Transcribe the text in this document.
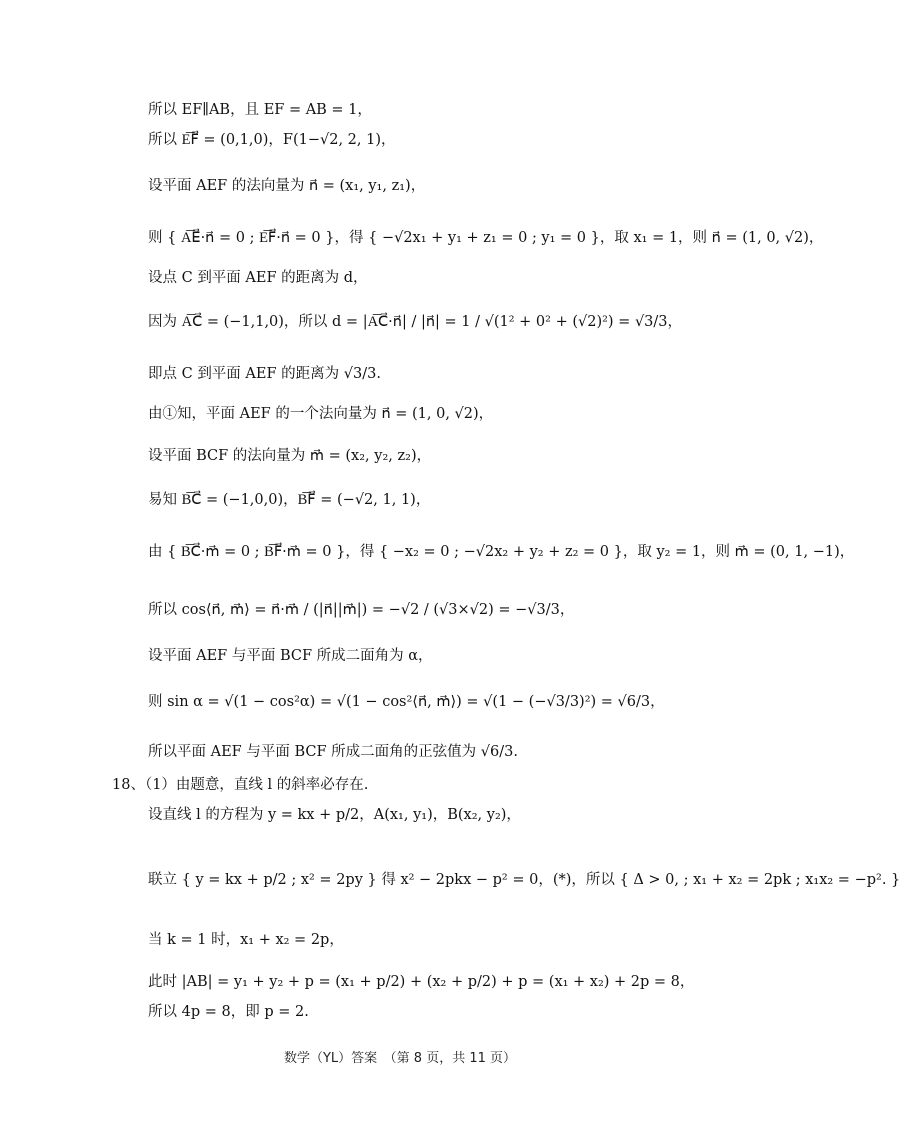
所以 EF∥AB，且 EF = AB = 1，
所以 E͞F⃗ = (0,1,0)，F(1−√2, 2, 1)，
设平面 AEF 的法向量为 n⃗ = (x₁, y₁, z₁)，
则 { A͞E⃗·n⃗ = 0 ; E͞F⃗·n⃗ = 0 }，得 { −√2x₁ + y₁ + z₁ = 0 ; y₁ = 0 }，取 x₁ = 1，则 n⃗ = (1, 0, √2)，
设点 C 到平面 AEF 的距离为 d，
因为 A͞C⃗ = (−1,1,0)，所以 d = |A͞C⃗·n⃗| / |n⃗| = 1 / √(1² + 0² + (√2)²) = √3/3，
即点 C 到平面 AEF 的距离为 √3/3.
由①知，平面 AEF 的一个法向量为 n⃗ = (1, 0, √2)，
设平面 BCF 的法向量为 m⃗ = (x₂, y₂, z₂)，
易知 B͞C⃗ = (−1,0,0)，B͞F⃗ = (−√2, 1, 1)，
由 { B͞C⃗·m⃗ = 0 ; B͞F⃗·m⃗ = 0 }，得 { −x₂ = 0 ; −√2x₂ + y₂ + z₂ = 0 }，取 y₂ = 1，则 m⃗ = (0, 1, −1)，
所以 cos⟨n⃗, m⃗⟩ = n⃗·m⃗ / (|n⃗||m⃗|) = −√2 / (√3×√2) = −√3/3，
设平面 AEF 与平面 BCF 所成二面角为 α，
则 sin α = √(1 − cos²α) = √(1 − cos²⟨n⃗, m⃗⟩) = √(1 − (−√3/3)²) = √6/3，
所以平面 AEF 与平面 BCF 所成二面角的正弦值为 √6/3.
18、（1）由题意，直线 l 的斜率必存在.
设直线 l 的方程为 y = kx + p/2，A(x₁, y₁)，B(x₂, y₂)，
联立 { y = kx + p/2 ; x² = 2py } 得 x² − 2pkx − p² = 0，(*)，所以 { Δ > 0, ; x₁ + x₂ = 2pk ; x₁x₂ = −p². }
当 k = 1 时，x₁ + x₂ = 2p，
此时 |AB| = y₁ + y₂ + p = (x₁ + p/2) + (x₂ + p/2) + p = (x₁ + x₂) + 2p = 8，
所以 4p = 8，即 p = 2.
数学（YL）答案　（第 8 页，共 11 页）
